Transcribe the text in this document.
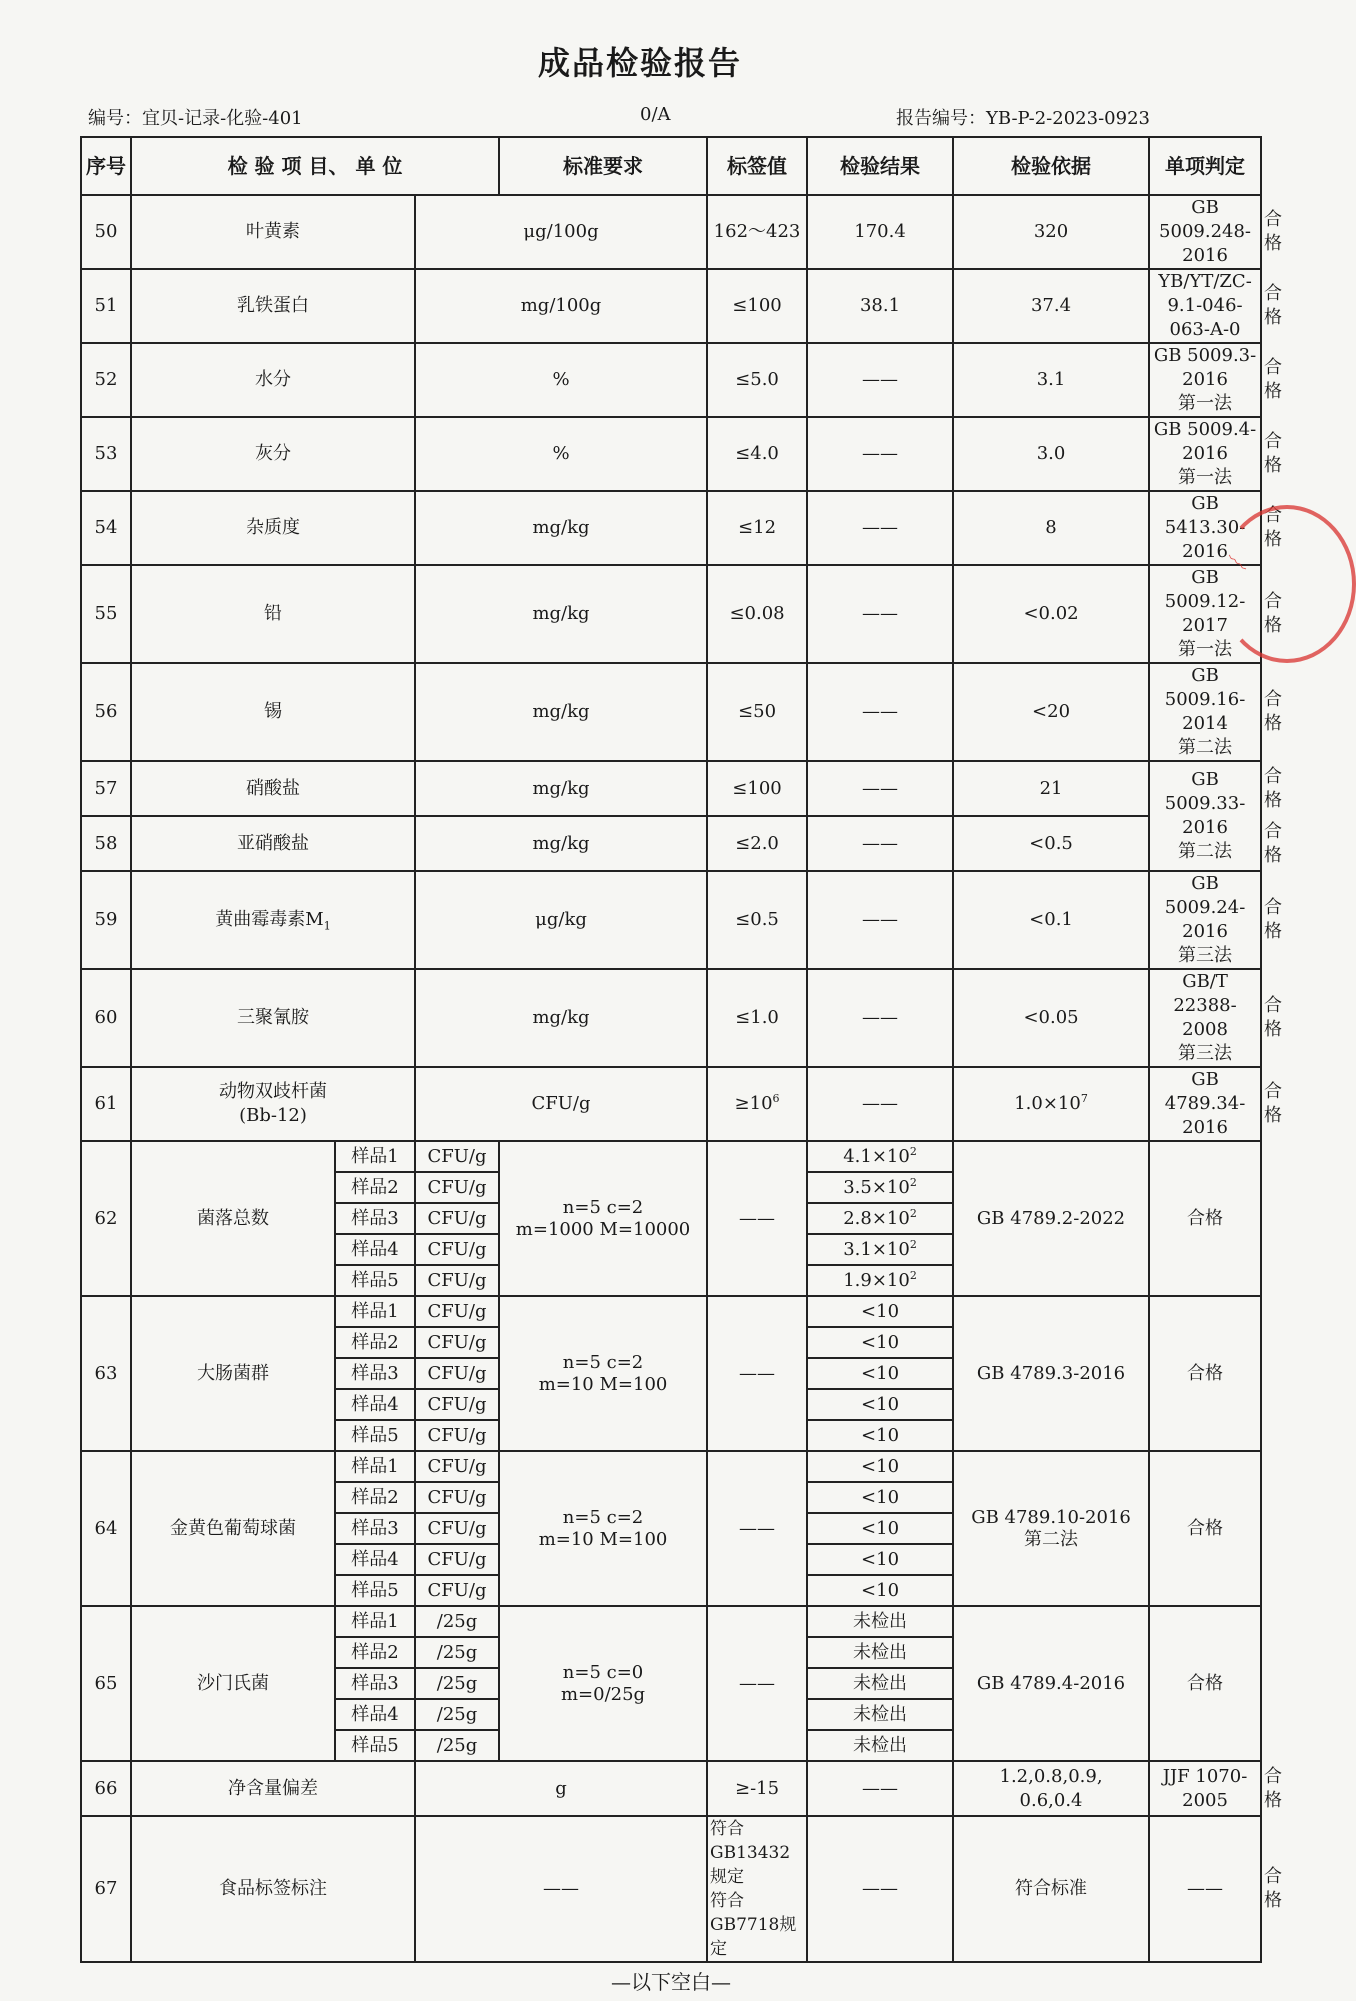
成品检验报告
编号：宜贝-记录-化验-401	0/A	报告编号：YB-P-2-2023-0923
序号	检 验 项 目、 单 位			标准要求	标签值	检验结果	检验依据	单项判定	
50	叶黄素		μg/100g		162～423	170.4	320	GB 5009.248-2016	合格
51	乳铁蛋白		mg/100g		≤100	38.1	37.4	YB/YT/ZC-9.1-046-063-A-0	合格
52	水分		%		≤5.0	——	3.1	GB 5009.3-2016
第一法	合格
53	灰分		%		≤4.0	——	3.0	GB 5009.4-2016
第一法	合格
54	杂质度		mg/kg		≤12	——	8	GB 5413.30-2016	合格
55	铅		mg/kg		≤0.08	——	<0.02	GB 5009.12-2017
第一法	合格
56	锡		mg/kg		≤50	——	<20	GB 5009.16-2014
第二法	合格
57	硝酸盐		mg/kg		≤100	——	21	GB 5009.33-2016
第二法	合格
58	亚硝酸盐		mg/kg		≤2.0	——	<0.5		合格
59	黄曲霉毒素$M_1$		μg/kg		≤0.5	——	<0.1	GB 5009.24-2016
第三法	合格
60	三聚氰胺		mg/kg		≤1.0	——	<0.05	GB/T 22388-2008
第三法	合格
61	动物双歧杆菌
(Bb-12)		CFU/g		$\ge 10^6$	——	$1.0\times 10^7$	GB 4789.34-2016	合格
62	菌落总数	样品1	CFU/g	n=5 c=2
m=1000 M=10000	——	$4.1\times 10^2$	GB 4789.2-2022	合格	
		样品2	CFU/g			$3.5\times 10^2$
		样品3	CFU/g			$2.8\times 10^2$
		样品4	CFU/g			$3.1\times 10^2$
		样品5	CFU/g			$1.9\times 10^2$
63	大肠菌群	样品1	CFU/g	n=5 c=2
m=10 M=100	——	<10	GB 4789.3-2016	合格	
		样品2	CFU/g			<10			
		样品3	CFU/g			<10			
		样品4	CFU/g			<10			
		样品5	CFU/g			<10			
64	金黄色葡萄球菌	样品1	CFU/g	n=5 c=2
m=10 M=100	——	<10	GB 4789.10-2016
第二法	合格	
		样品2	CFU/g			<10			
		样品3	CFU/g			<10			
		样品4	CFU/g			<10			
		样品5	CFU/g			<10			
65	沙门氏菌	样品1	/25g	n=5 c=0
m=0/25g	——	未检出	GB 4789.4-2016	合格	
		样品2	/25g			未检出			
		样品3	/25g			未检出			
		样品4	/25g			未检出			
		样品5	/25g			未检出			
66	净含量偏差		g		≥-15	——	1.2,0.8,0.9,
0.6,0.4	JJF 1070-2005	合格
67	食品标签标注		——		符合GB13432规定
符合GB7718规定	——	符合标准	——	合格
—以下空白—									
﹏
